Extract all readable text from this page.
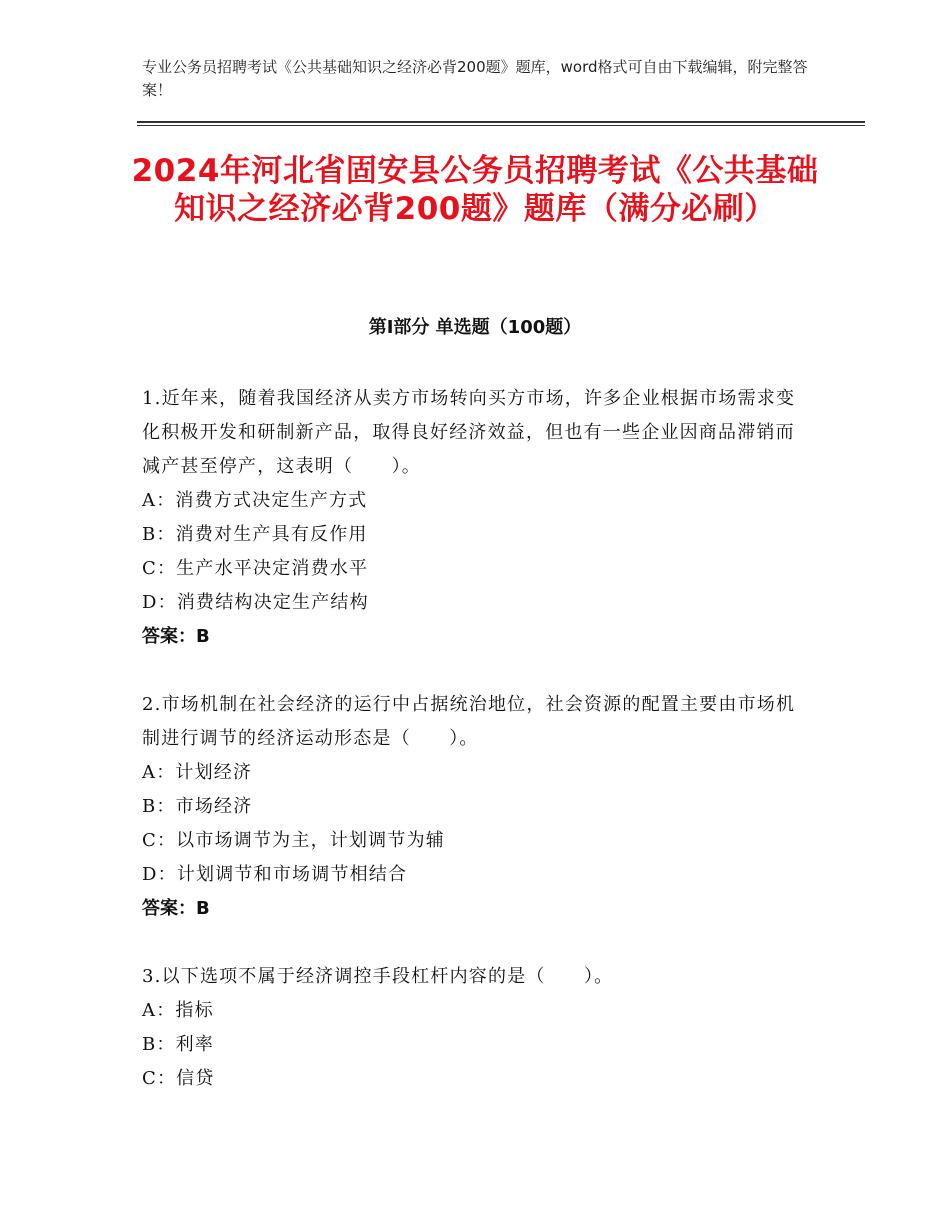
专业公务员招聘考试《公共基础知识之经济必背200题》题库，word格式可自由下载编辑，附完整答案！
2024年河北省固安县公务员招聘考试《公共基础知识之经济必背200题》题库（满分必刷）
第Ⅰ部分 单选题（100题）
1.近年来，随着我国经济从卖方市场转向买方市场，许多企业根据市场需求变化积极开发和研制新产品，取得良好经济效益，但也有一些企业因商品滞销而减产甚至停产，这表明（　　）。
A：消费方式决定生产方式
B：消费对生产具有反作用
C：生产水平决定消费水平
D：消费结构决定生产结构
答案：B
2.市场机制在社会经济的运行中占据统治地位，社会资源的配置主要由市场机制进行调节的经济运动形态是（　　）。
A：计划经济
B：市场经济
C：以市场调节为主，计划调节为辅
D：计划调节和市场调节相结合
答案：B
3.以下选项不属于经济调控手段杠杆内容的是（　　）。
A：指标
B：利率
C：信贷
